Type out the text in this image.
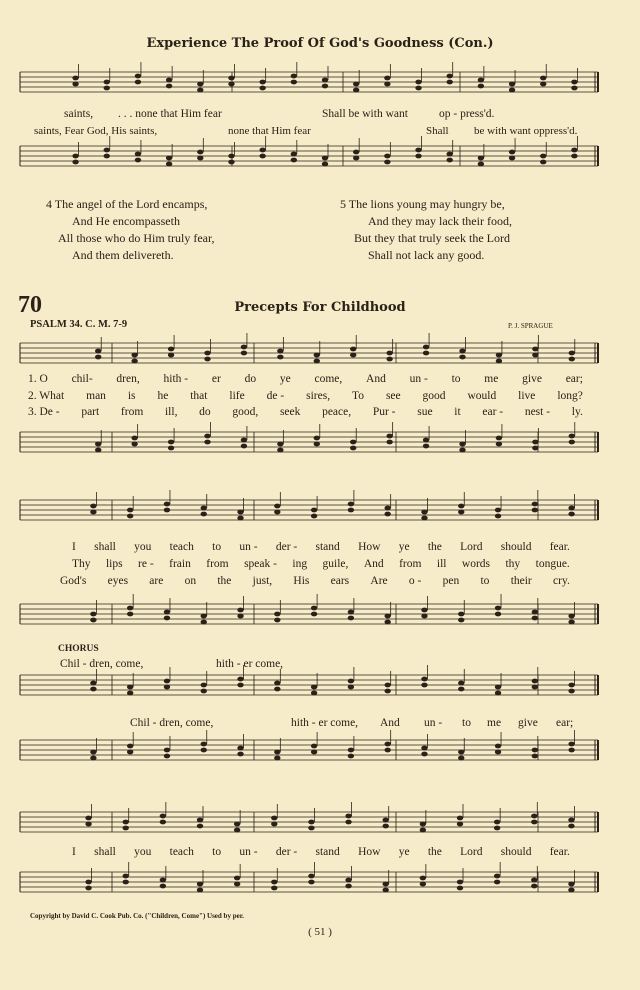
Experience The Proof Of God's Goodness (Con.)
saints, . . . none that Him fear	Shall be with want	op - press'd.
saints, Fear God, His saints,	none that Him fear	Shall be with want oppress'd.
4 The angel of the Lord encamps,
And He encompasseth
All those who do Him truly fear,
And them delivereth.
5 The lions young may hungry be,
And they may lack their food,
But they that truly seek the Lord
Shall not lack any good.
70	Precepts For Childhood
PSALM 34. C. M. 7-9	P. J. SPRAGUE
1. O chil- dren, hith - er do ye come, And un - to me give ear;
2. What man is he that life de - sires, To see good would live long?
3. De - part from ill, do good, seek peace, Pur - sue it ear - nest - ly.
I shall you teach to un - der - stand How ye the Lord should fear.
Thy lips re - frain from speak - ing guile, And from ill words thy tongue.
God's eyes are on the just, His ears Are o - pen to their cry.
CHORUS
Chil - dren, come,	hith - er come,
Chil - dren, come,	hith - er come, And un - to me give ear;
I shall you teach to un - der - stand How ye the Lord should fear.
Copyright by David C. Cook Pub. Co. ("Children, Come") Used by per.
( 51 )
